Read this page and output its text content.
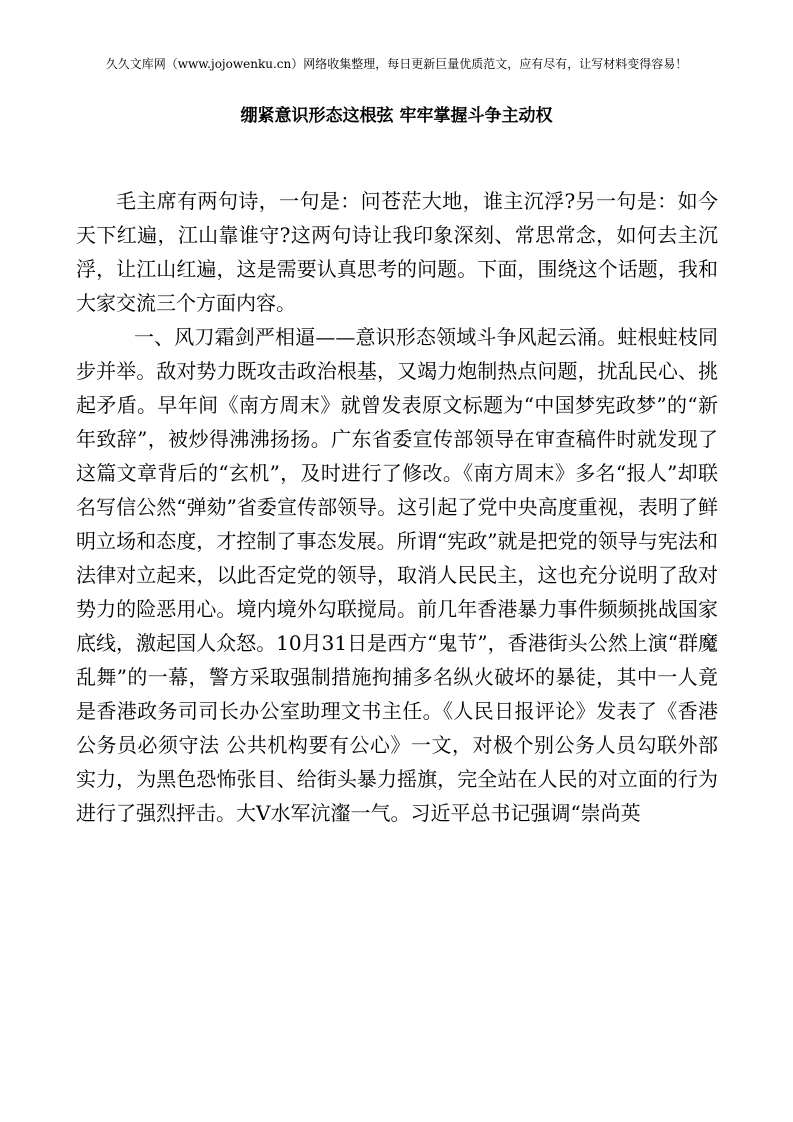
久久文库网（www.jojowenku.cn）网络收集整理，每日更新巨量优质范文，应有尽有，让写材料变得容易！
绷紧意识形态这根弦 牢牢掌握斗争主动权

毛主席有两句诗，一句是：问苍茫大地，谁主沉浮?另一句是：如今天下红遍，江山靠谁守?这两句诗让我印象深刻、常思常念，如何去主沉浮，让江山红遍，这是需要认真思考的问题。下面，围绕这个话题，我和大家交流三个方面内容。

一、风刀霜剑严相逼——意识形态领域斗争风起云涌。蛀根蛀枝同步并举。敌对势力既攻击政治根基，又竭力炮制热点问题，扰乱民心、挑起矛盾。早年间《南方周末》就曾发表原文标题为“中国梦宪政梦”的“新年致辞”，被炒得沸沸扬扬。广东省委宣传部领导在审查稿件时就发现了这篇文章背后的“玄机”，及时进行了修改。《南方周末》多名“报人”却联名写信公然“弹劾”省委宣传部领导。这引起了党中央高度重视，表明了鲜明立场和态度，才控制了事态发展。所谓“宪政”就是把党的领导与宪法和法律对立起来，以此否定党的领导，取消人民民主，这也充分说明了敌对势力的险恶用心。境内境外勾联搅局。前几年香港暴力事件频频挑战国家底线，激起国人众怒。10月31日是西方“鬼节”，香港街头公然上演“群魔乱舞”的一幕，警方采取强制措施拘捕多名纵火破坏的暴徒，其中一人竟是香港政务司司长办公室助理文书主任。《人民日报评论》发表了《香港公务员必须守法 公共机构要有公心》一文，对极个别公务人员勾联外部实力，为黑色恐怖张目、给街头暴力摇旗，完全站在人民的对立面的行为进行了强烈抨击。大V水军沆瀣一气。习近平总书记强调“崇尚英
